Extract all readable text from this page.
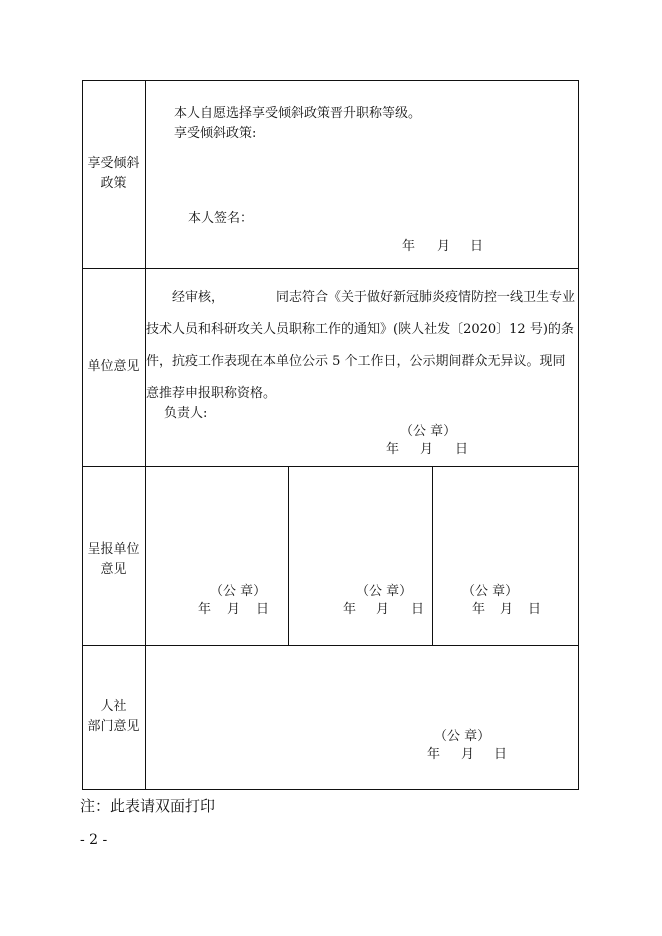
享受倾斜
政策
本人自愿选择享受倾斜政策晋升职称等级。
享受倾斜政策:
本人签名：
年 月 日
单位意见
经审核，	同志符合《关于做好新冠肺炎疫情防控一线卫生专业技术人员和科研攻关人员职称工作的通知》(陕人社发〔2020〕12 号)的条件，抗疫工作表现在本单位公示 5 个工作日，公示期间群众无异议。现同意推荐申报职称资格。
负责人:
（公 章）
年 月 日
呈报单位
意见
（公 章）
年 月 日
（公 章）
年 月 日
（公 章）
年 月 日
人社
部门意见
（公 章）
年 月 日
注：此表请双面打印
- 2 -
